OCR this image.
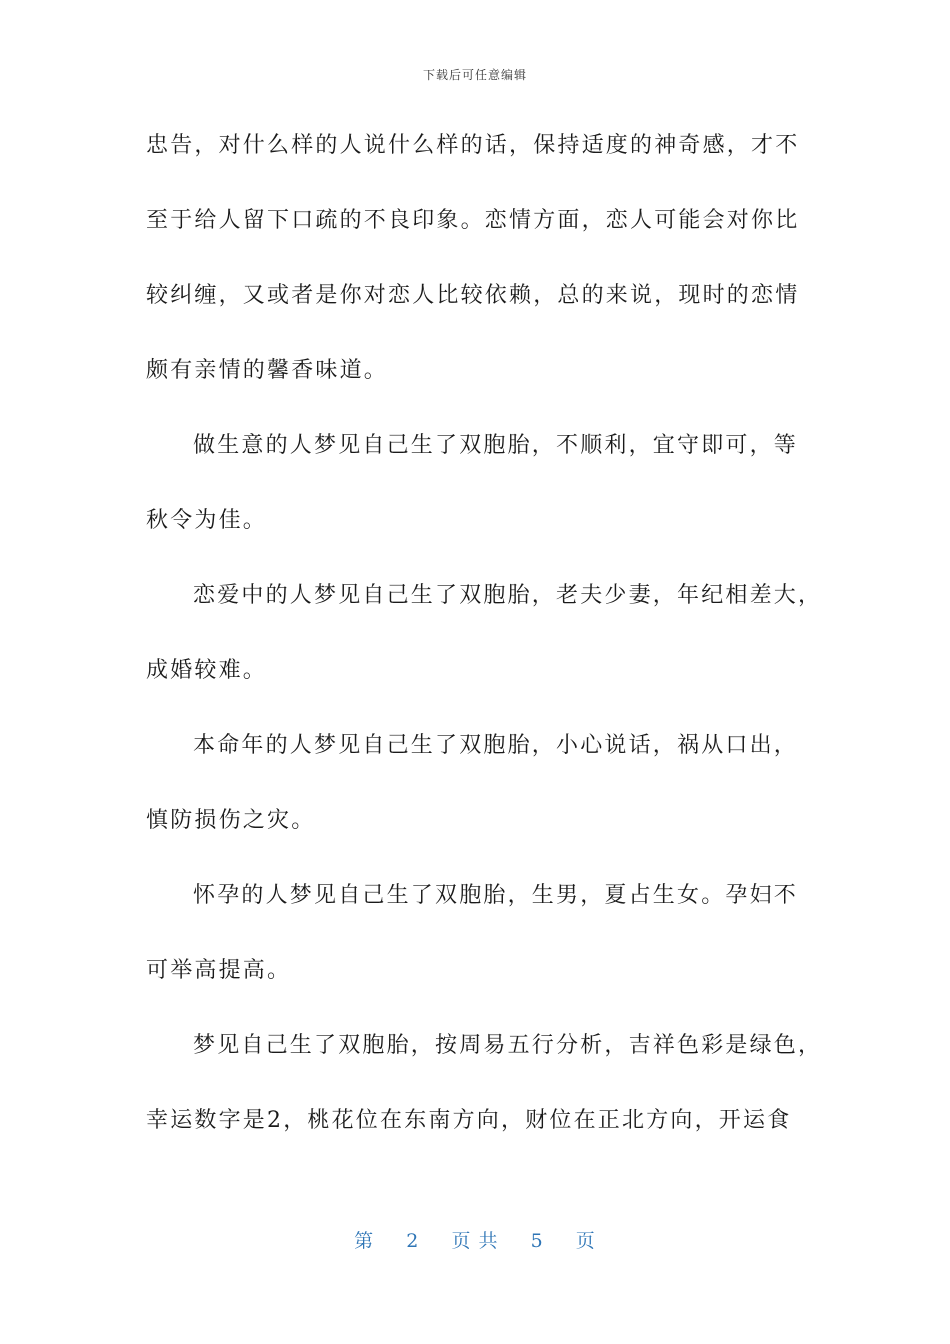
下载后可任意编辑
忠告，对什么样的人说什么样的话，保持适度的神奇感，才不
至于给人留下口疏的不良印象。恋情方面，恋人可能会对你比
较纠缠，又或者是你对恋人比较依赖，总的来说，现时的恋情
颇有亲情的馨香味道。
做生意的人梦见自己生了双胞胎，不顺利，宜守即可，等
秋令为佳。
恋爱中的人梦见自己生了双胞胎，老夫少妻，年纪相差大，
成婚较难。
本命年的人梦见自己生了双胞胎，小心说话，祸从口出，
慎防损伤之灾。
怀孕的人梦见自己生了双胞胎，生男，夏占生女。孕妇不
可举高提高。
梦见自己生了双胞胎，按周易五行分析，吉祥色彩是绿色，
幸运数字是2，桃花位在东南方向，财位在正北方向，开运食
第 2 页 共 5 页
